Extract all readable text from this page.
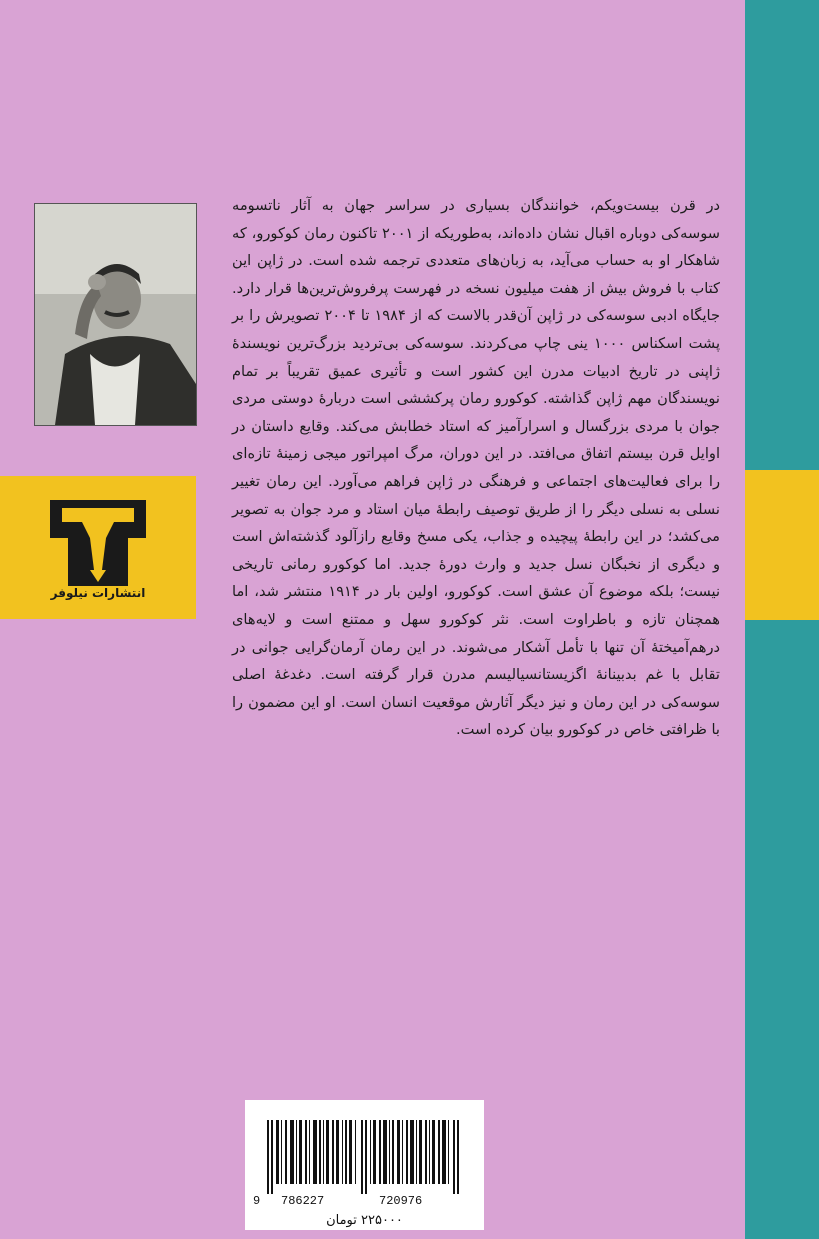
انتشارات نیلوفر
در قرن بیست‌ویکم، خوانندگان بسیاری در سراسر جهان به آثار ناتسومه سوسه‌کی دوباره اقبال نشان داده‌اند، به‌طوریکه از ۲۰۰۱ تاکنون رمان کوکورو، که شاهکار او به حساب می‌آید، به زبان‌های متعددی ترجمه شده است. در ژاپن این کتاب با فروش بیش از هفت میلیون نسخه در فهرست پرفروش‌ترین‌ها قرار دارد. جایگاه ادبی سوسه‌کی در ژاپن آن‌قدر بالاست که از ۱۹۸۴ تا ۲۰۰۴ تصویرش را بر پشت اسکناس ۱۰۰۰ ینی چاپ می‌کردند. سوسه‌کی بی‌تردید بزرگ‌ترین نویسندهٔ ژاپنی در تاریخ ادبیات مدرن این کشور است و تأثیری عمیق تقریباً بر تمام نویسندگان مهم ژاپن گذاشته. کوکورو رمان پرکششی است دربارهٔ دوستی مردی جوان با مردی بزرگسال و اسرارآمیز که استاد خطابش می‌کند. وقایع داستان در اوایل قرن بیستم اتفاق می‌افتد. در این دوران، مرگ امپراتور میجی زمینهٔ تازه‌ای را برای فعالیت‌های اجتماعی و فرهنگی در ژاپن فراهم می‌آورد. این رمان تغییر نسلی به نسلی دیگر را از طریق توصیف رابطهٔ میان استاد و مرد جوان به تصویر می‌کشد؛ در این رابطهٔ پیچیده و جذاب، یکی مسخ وقایع رازآلود گذشته‌اش است و دیگری از نخبگان نسل جدید و وارث دورهٔ جدید. اما کوکورو رمانی تاریخی نیست؛ بلکه موضوع آن عشق است. کوکورو، اولین بار در ۱۹۱۴ منتشر شد، اما همچنان تازه و باطراوت است. نثر کوکورو سهل و ممتنع است و لایه‌های درهم‌آمیختهٔ آن تنها با تأمل آشکار می‌شوند. در این رمان آرمان‌گرایی جوانی در تقابل با غم بدبینانهٔ اگزیستانسیالیسم مدرن قرار گرفته است. دغدغهٔ اصلی سوسه‌کی در این رمان و نیز دیگر آثارش موقعیت انسان است. او این مضمون را با ظرافتی خاص در کوکورو بیان کرده است.
9 786227	720976
۲۲۵۰۰۰ تومان
